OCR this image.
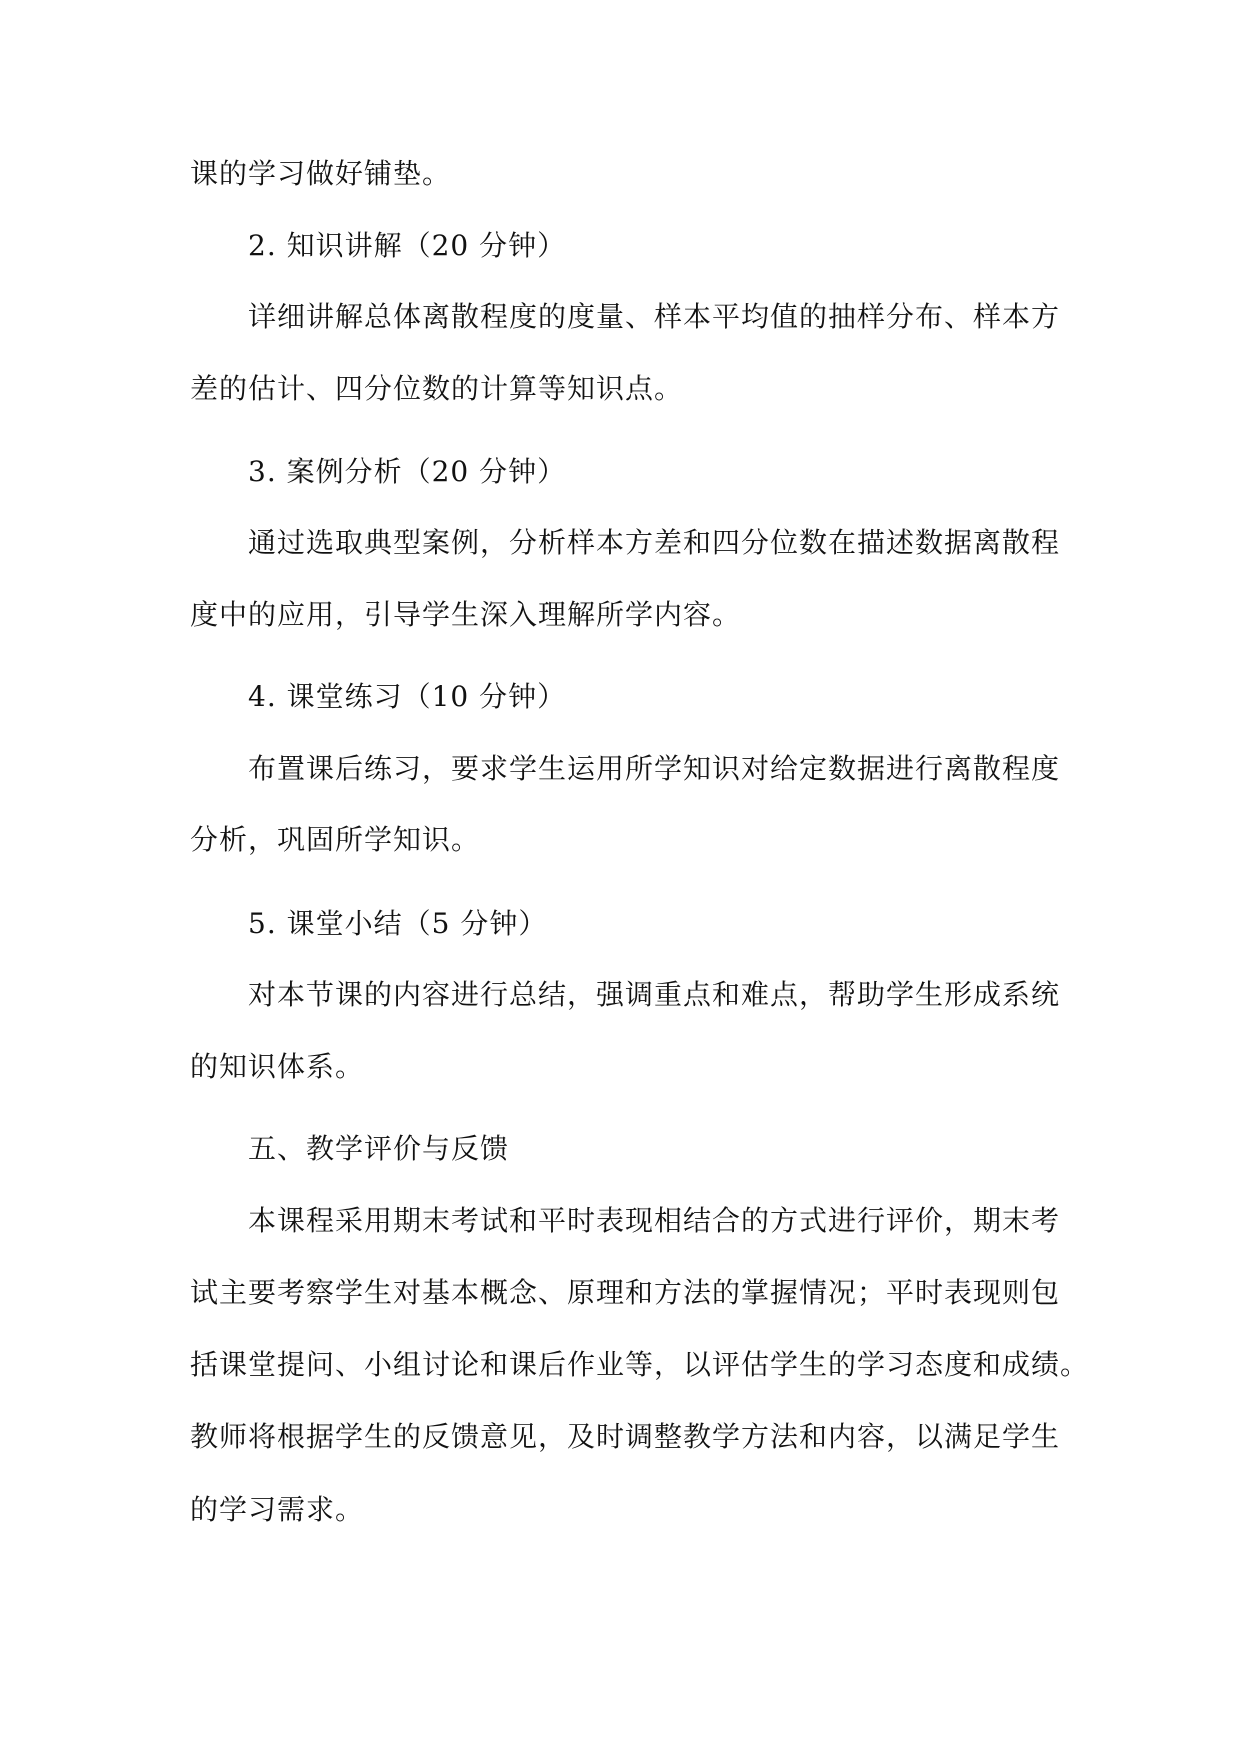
课的学习做好铺垫。
2. 知识讲解（20 分钟）
详细讲解总体离散程度的度量、样本平均值的抽样分布、样本方
差的估计、四分位数的计算等知识点。
3. 案例分析（20 分钟）
通过选取典型案例，分析样本方差和四分位数在描述数据离散程
度中的应用，引导学生深入理解所学内容。
4. 课堂练习（10 分钟）
布置课后练习，要求学生运用所学知识对给定数据进行离散程度
分析，巩固所学知识。
5. 课堂小结（5 分钟）
对本节课的内容进行总结，强调重点和难点，帮助学生形成系统
的知识体系。
五、教学评价与反馈
本课程采用期末考试和平时表现相结合的方式进行评价，期末考
试主要考察学生对基本概念、原理和方法的掌握情况；平时表现则包
括课堂提问、小组讨论和课后作业等，以评估学生的学习态度和成绩。
教师将根据学生的反馈意见，及时调整教学方法和内容，以满足学生
的学习需求。
